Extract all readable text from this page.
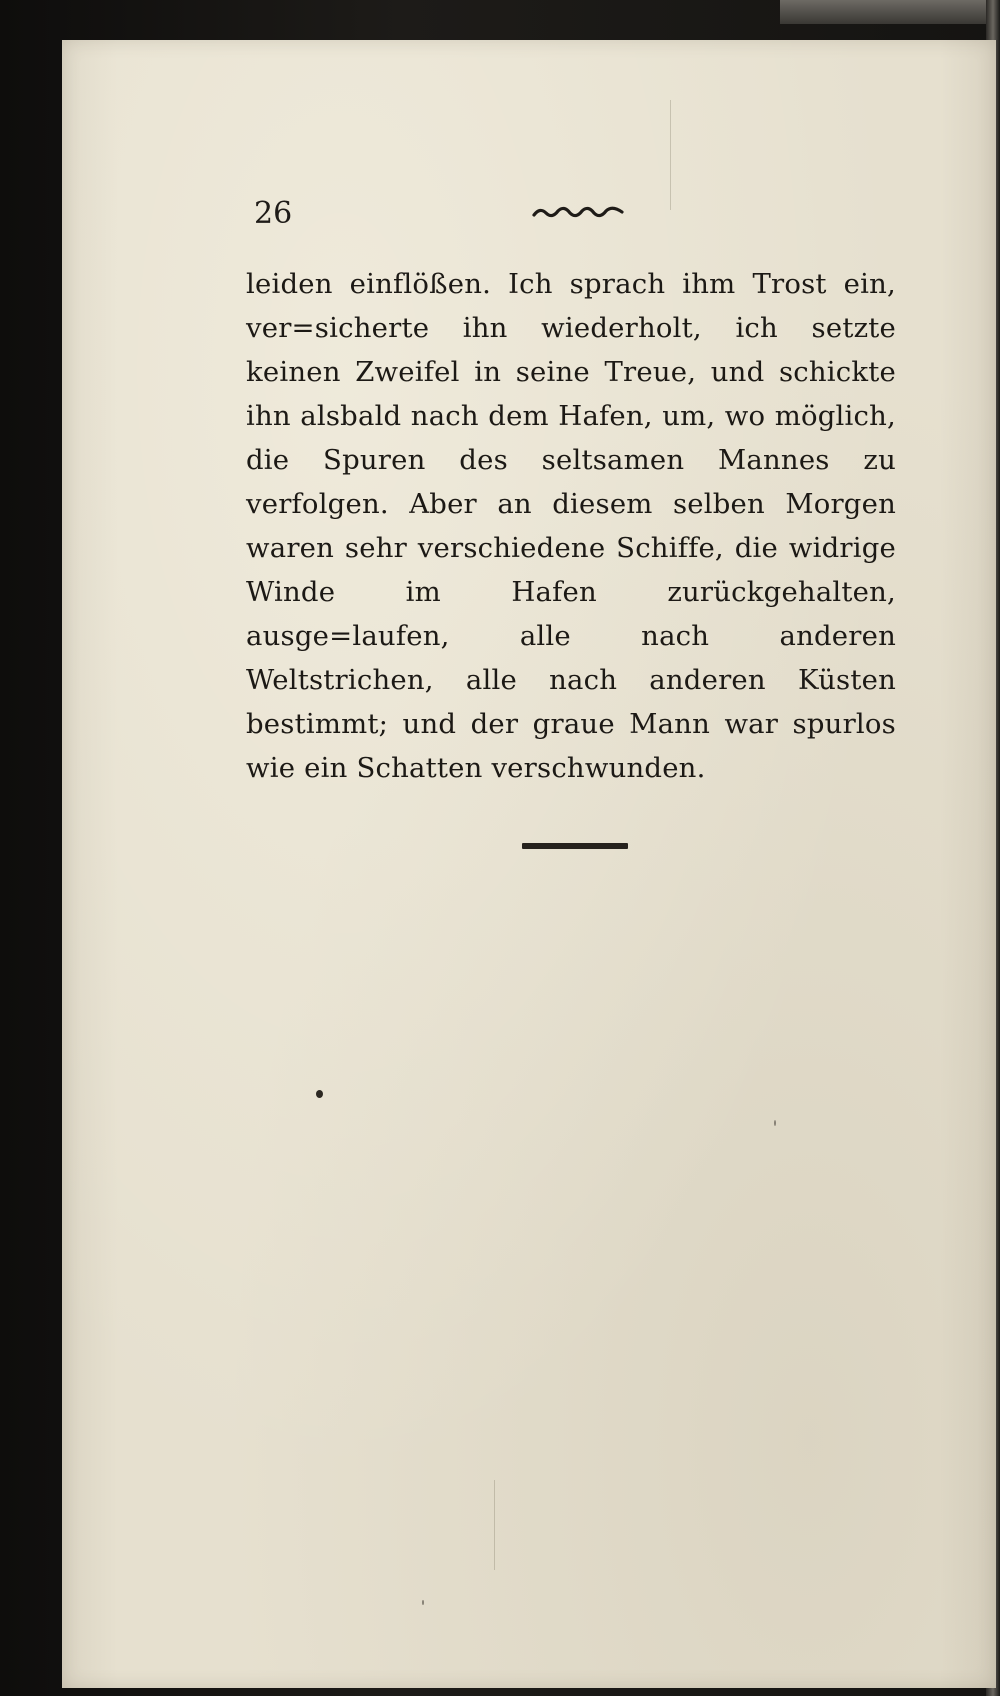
26

leiden einflößen. Ich sprach ihm Trost ein, ver=sicherte ihn wiederholt, ich setzte keinen Zweifel in seine Treue, und schickte ihn alsbald nach dem Hafen, um, wo möglich, die Spuren des seltsamen Mannes zu verfolgen. Aber an diesem selben Morgen waren sehr verschiedene Schiffe, die widrige Winde im Hafen zurückgehalten, ausge=laufen, alle nach anderen Weltstrichen, alle nach anderen Küsten bestimmt; und der graue Mann war spurlos wie ein Schatten verschwunden.
